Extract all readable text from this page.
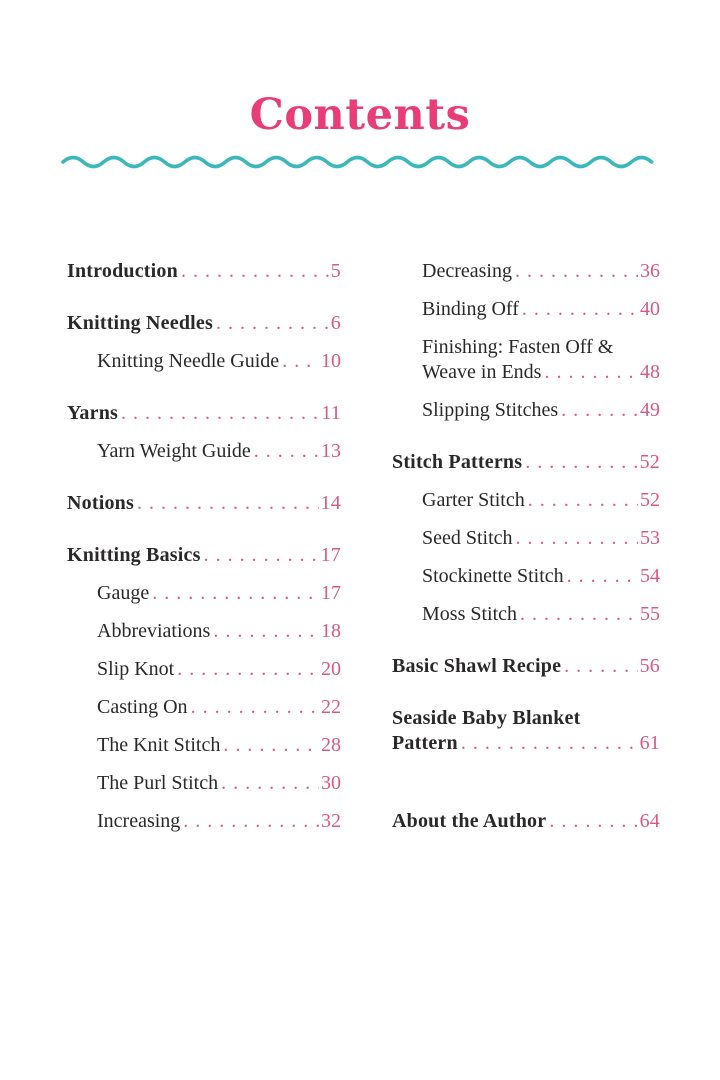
Contents
Introduction .....	5
Knitting Needles .....	6
Knitting Needle Guide ..... 10
Yarns .....	11
Yarn Weight Guide .....	13
Notions .....	14
Knitting Basics .....	17
Gauge .....	17
Abbreviations .....	18
Slip Knot .....	20
Casting On .....	22
The Knit Stitch .....	28
The Purl Stitch .....	30
Increasing .....	32
Decreasing .....	36
Binding Off .....	40
Finishing: Fasten Off &
Weave in Ends .....	48
Slipping Stitches .....	49
Stitch Patterns .....	52
Garter Stitch .....	52
Seed Stitch .....	53
Stockinette Stitch .....	54
Moss Stitch .....	55
Basic Shawl Recipe .....	56
Seaside Baby Blanket
Pattern .....	61
About the Author .....	64
